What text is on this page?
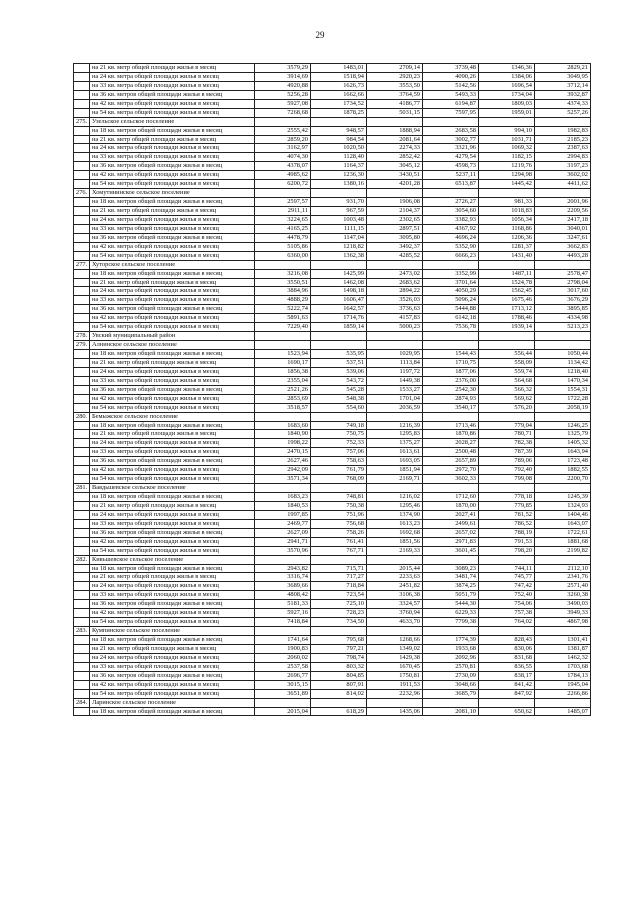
29
	на 21 кв. метр общей площади жилья в месяц	3579,29	1483,01	2709,14	3739,48	1346,36	2829,21
	на 24 кв. метра общей площади жилья в месяц	3914,69	1518,94	2920,23	4090,26	1384,06	3049,95
	на 33 кв. метра общей площади жилья в месяц	4920,88	1626,73	3553,50	5142,56	1696,54	3712,14
	на 36 кв. метров общей площади жилья в месяц	5256,28	1662,66	3764,59	5493,33	1734,04	3932,87
	на 42 кв. метра общей площади жилья в месяц	5927,08	1734,52	4186,77	6194,87	1809,03	4374,33
	на 54 кв. метра общей площади жилья в месяц	7268,68	1878,25	5031,15	7597,95	1959,01	5257,26
275.	Узельское сельское поселение						
	на 18 кв. метров общей площади жилья в месяц	2555,42	948,57	1888,94	2683,58	994,10	1982,83
	на 21 кв. метр общей площади жилья в месяц	2859,20	984,54	2081,64	3002,77	1031,71	2185,23
	на 24 кв. метра общей площади жилья в месяц	3162,97	1020,50	2274,33	3321,96	1069,32	2387,63
	на 33 кв. метра общей площади жилья в месяц	4074,30	1128,40	2852,42	4279,54	1182,15	2994,83
	на 36 кв. метров общей площади жилья в месяц	4378,07	1164,37	3045,12	4598,73	1219,76	3197,23
	на 42 кв. метра общей площади жилья в месяц	4985,62	1236,30	3430,51	5237,11	1294,98	3602,02
	на 54 кв. метра общей площади жилья в месяц	6200,72	1380,16	4201,28	6513,87	1445,42	4411,62
276.	Хомутининское сельское поселение						
	на 18 кв. метров общей площади жилья в месяц	2597,57	931,70	1906,08	2726,27	981,33	2001,96
	на 21 кв. метр общей площади жилья в месяц	2911,11	967,59	2104,37	3054,60	1018,83	2209,56
	на 24 кв. метра общей площади жилья в месяц	3224,65	1003,48	2302,65	3382,93	1056,34	2417,18
	на 33 кв. метра общей площади жилья в месяц	4165,25	1111,15	2897,51	4367,92	1168,86	3040,01
	на 36 кв. метров общей площади жилья в месяц	4478,79	1147,04	3095,80	4696,24	1206,36	3247,61
	на 42 кв. метра общей площади жилья в месяц	5105,86	1218,82	3492,37	5352,90	1281,37	3662,83
	на 54 кв. метра общей площади жилья в месяц	6360,00	1362,38	4285,52	6666,23	1431,40	4493,28
277.	Хуторское сельское поселение						
	на 18 кв. метров общей площади жилья в месяц	3216,08	1425,99	2473,02	3352,99	1487,11	2578,47
	на 21 кв. метр общей площади жилья в месяц	3550,51	1462,08	2683,62	3701,64	1524,78	2798,04
	на 24 кв. метра общей площади жилья в месяц	3884,96	1498,18	2894,22	4050,29	1562,45	3017,60
	на 33 кв. метра общей площади жилья в месяц	4888,29	1606,47	3526,03	5096,24	1675,46	3676,29
	на 36 кв. метров общей площади жилья в месяц	5222,74	1642,57	3736,63	5444,88	1713,12	3895,85
	на 42 кв. метра общей площади жилья в месяц	5891,63	1714,76	4157,83	6142,18	1788,46	4334,98
	на 54 кв. метра общей площади жилья в месяц	7229,40	1859,14	5000,23	7536,78	1939,14	5213,23
278.	Увский муниципальный район						
279.	Алнинское сельское поселение						
	на 18 кв. метров общей площади жилья в месяц	1523,94	535,95	1029,95	1544,43	556,44	1050,44
	на 21 кв. метр общей площади жилья в месяц	1690,17	537,51	1113,84	1710,75	558,09	1134,42
	на 24 кв. метра общей площади жилья в месяц	1856,38	539,06	1197,72	1877,06	559,74	1218,40
	на 33 кв. метра общей площади жилья в месяц	2355,04	543,72	1449,38	2376,00	564,68	1470,34
	на 36 кв. метров общей площади жилья в месяц	2521,26	545,28	1533,27	2542,30	566,32	1554,31
	на 42 кв. метра общей площади жилья в месяц	2853,69	548,38	1701,04	2874,93	569,62	1722,28
	на 54 кв. метра общей площади жилья в месяц	3518,57	554,60	2036,59	3540,17	576,20	2058,19
280.	Бемыжское сельское поселение						
	на 18 кв. метров общей площади жилья в месяц	1683,60	749,18	1216,39	1713,46	779,04	1246,25
	на 21 кв. метр общей площади жилья в месяц	1840,90	750,75	1295,83	1870,86	780,71	1325,79
	на 24 кв. метра общей площади жилья в месяц	1998,22	752,33	1375,27	2028,27	782,38	1405,32
	на 33 кв. метра общей площади жилья в месяц	2470,15	757,06	1613,61	2500,48	787,39	1643,94
	на 36 кв. метров общей площади жилья в месяц	2627,46	758,63	1693,05	2657,89	789,06	1723,48
	на 42 кв. метра общей площади жилья в месяц	2942,09	761,79	1851,94	2972,70	792,40	1882,55
	на 54 кв. метра общей площади жилья в месяц	3571,34	768,09	2169,71	3602,33	799,08	2200,70
281.	Вавдьшевское сельское поселение						
	на 18 кв. метров общей площади жилья в месяц	1683,23	748,81	1216,02	1712,60	778,18	1245,39
	на 21 кв. метр общей площади жилья в месяц	1840,53	750,38	1295,46	1870,00	779,85	1324,93
	на 24 кв. метра общей площади жилья в месяц	1997,85	751,96	1374,90	2027,41	781,52	1404,46
	на 33 кв. метра общей площади жилья в месяц	2469,77	756,68	1613,23	2499,61	786,52	1643,07
	на 36 кв. метров общей площади жилья в месяц	2627,09	758,26	1692,68	2657,02	788,19	1722,61
	на 42 кв. метра общей площади жилья в месяц	2941,71	761,41	1851,56	2971,83	791,53	1881,68
	на 54 кв. метра общей площади жилья в месяц	3570,96	767,71	2169,33	3601,45	798,20	2199,82
282.	Кивьшевское сельское поселение						
	на 18 кв. метров общей площади жилья в месяц	2943,82	715,71	2015,44	3089,23	744,11	2112,10
	на 21 кв. метр общей площади жилья в месяц	3316,74	717,27	2233,63	3481,74	745,77	2341,76
	на 24 кв. метра общей площади жилья в месяц	3689,66	718,84	2451,82	3874,25	747,42	2571,40
	на 33 кв. метра общей площади жилья в месяц	4808,42	723,54	3106,38	5051,79	752,40	3260,38
	на 36 кв. метров общей площади жилья в месяц	5181,33	725,10	3324,57	5444,30	754,06	3490,03
	на 42 кв. метра общей площади жилья в месяц	5927,16	728,23	3760,94	6229,33	757,38	3949,33
	на 54 кв. метра общей площади жилья в месяц	7418,84	734,50	4633,70	7799,38	764,02	4867,98
283.	Кумпинское сельское поселение						
	на 18 кв. метров общей площади жилья в месяц	1741,64	795,68	1268,66	1774,39	828,43	1301,41
	на 21 кв. метр общей площади жилья в месяц	1900,83	797,21	1349,02	1933,68	830,06	1381,87
	на 24 кв. метра общей площади жилья в месяц	2060,02	798,74	1429,38	2092,96	831,68	1462,32
	на 33 кв. метра общей площади жилья в месяц	2537,58	803,32	1670,45	2570,81	836,55	1703,68
	на 36 кв. метров общей площади жилья в месяц	2696,77	804,85	1750,81	2730,09	838,17	1784,13
	на 42 кв. метра общей площади жилья в месяц	3015,15	807,91	1911,53	3048,66	841,42	1945,04
	на 54 кв. метра общей площади жилья в месяц	3651,89	814,02	2232,96	3685,79	847,92	2266,86
284.	Ларинское сельское поселение						
	на 18 кв. метров общей площади жилья в месяц	2015,04	618,29	1435,06	2081,10	650,62	1485,07
